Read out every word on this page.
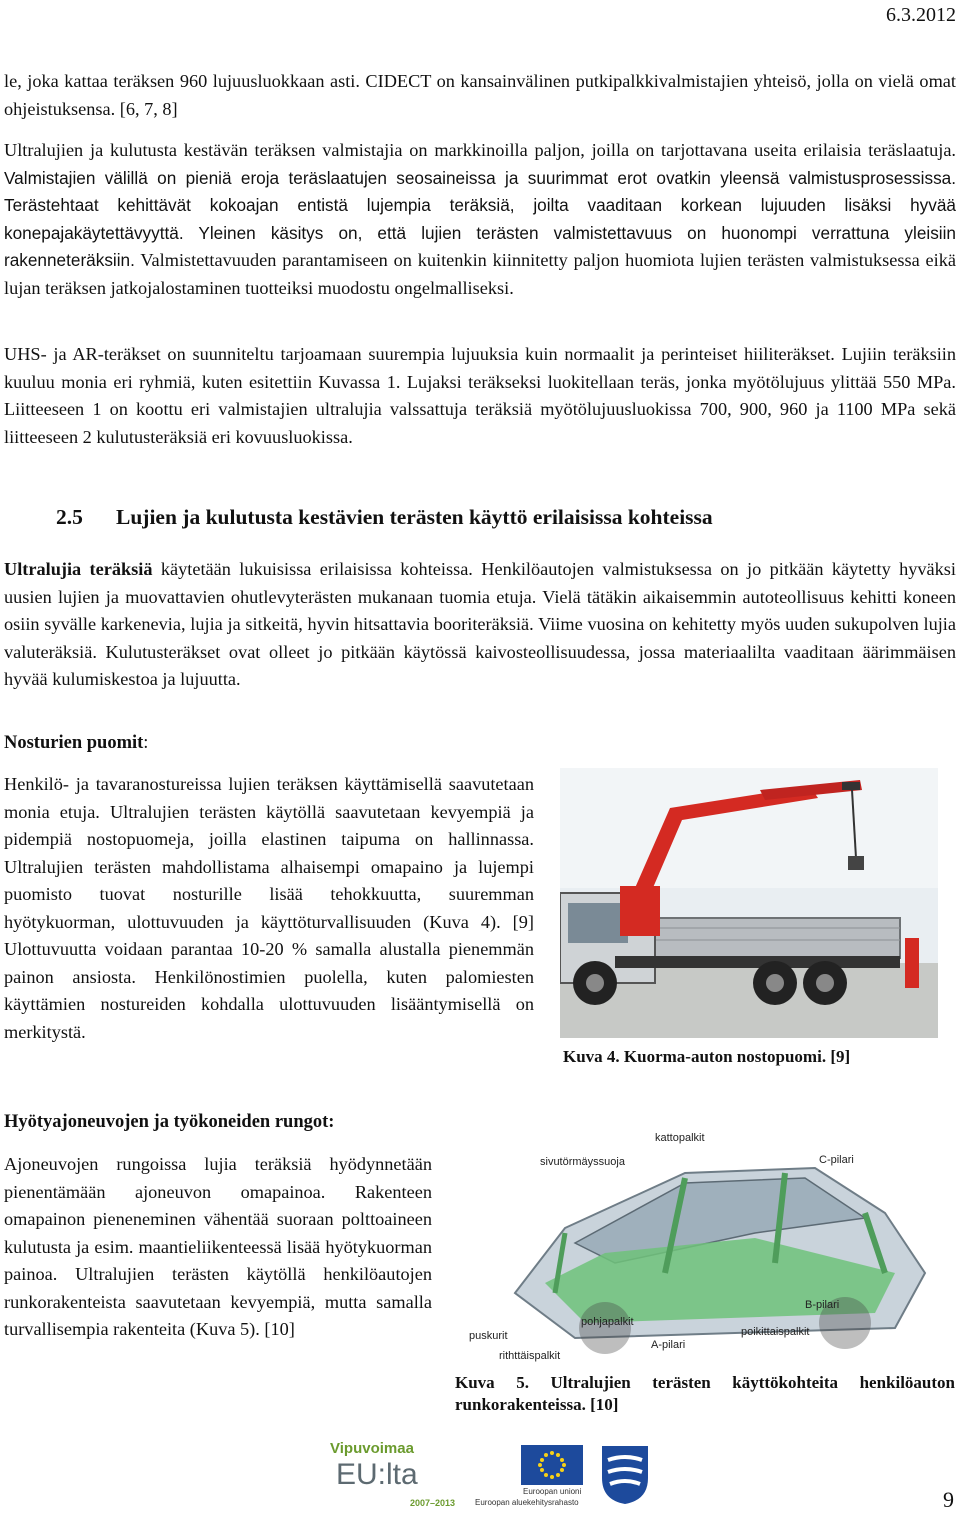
6.3.2012
le, joka kattaa teräksen 960 lujuusluokkaan asti. CIDECT on kansainvälinen putkipalkkivalmistajien yhteisö, jolla on vielä omat ohjeistuksensa. [6, 7, 8]
Ultralujien ja kulutusta kestävän teräksen valmistajia on markkinoilla paljon, joilla on tarjottavana useita erilaisia teräslaatuja. Valmistajien välillä on pieniä eroja teräslaatujen seosaineissa ja suurimmat erot ovatkin yleensä valmistusprosessissa. Terästehtaat kehittävät kokoajan entistä lujempia teräksiä, joilta vaaditaan korkean lujuuden lisäksi hyvää konepajakäytettävyyttä. Yleinen käsitys on, että lujien terästen valmistettavuus on huonompi verrattuna yleisiin rakenneteräksiin. Valmistettavuuden parantamiseen on kuitenkin kiinnitetty paljon huomiota lujien terästen valmistuksessa eikä lujan teräksen jatkojalostaminen tuotteiksi muodostu ongelmalliseksi.
UHS- ja AR-teräkset on suunniteltu tarjoamaan suurempia lujuuksia kuin normaalit ja perinteiset hiiliteräkset. Lujiin teräksiin kuuluu monia eri ryhmiä, kuten esitettiin Kuvassa 1. Lujaksi teräkseksi luokitellaan teräs, jonka myötölujuus ylittää 550 MPa. Liitteeseen 1 on koottu eri valmistajien ultralujia valssattuja teräksiä myötölujuusluokissa 700, 900, 960 ja 1100 MPa sekä liitteeseen 2 kulutusteräksiä eri kovuusluokissa.
2.5 Lujien ja kulutusta kestävien terästen käyttö erilaisissa kohteissa
Ultralujia teräksiä käytetään lukuisissa erilaisissa kohteissa. Henkilöautojen valmistuksessa on jo pitkään käytetty hyväksi uusien lujien ja muovattavien ohutlevyterästen mukanaan tuomia etuja. Vielä tätäkin aikaisemmin autoteollisuus kehitti koneen osiin syvälle karkenevia, lujia ja sitkeitä, hyvin hitsattavia booriteräksiä. Viime vuosina on kehitetty myös uuden sukupolven lujia valuteräksiä. Kulutusteräkset ovat olleet jo pitkään käytössä kaivosteollisuudessa, jossa materiaalilta vaaditaan äärimmäisen hyvää kulumiskestoa ja lujuutta.
Nosturien puomit:
Henkilö- ja tavaranostureissa lujien teräksen käyttämisellä saavutetaan monia etuja. Ultralujien terästen käytöllä saavutetaan kevyempiä ja pidempiä nostopuomeja, joilla elastinen taipuma on hallinnassa. Ultralujien terästen mahdollistama alhaisempi omapaino ja lujempi puomisto tuovat nosturille lisää tehokkuutta, suuremman hyötykuorman, ulottuvuuden ja käyttöturvallisuuden (Kuva 4). [9] Ulottuvuutta voidaan parantaa 10-20 % samalla alustalla pienemmän painon ansiosta. Henkilönostimien puolella, kuten palomiesten käyttämien nostureiden kohdalla ulottuvuuden lisääntymisellä on merkitystä.
Kuva 4. Kuorma-auton nostopuomi. [9]
Hyötyajoneuvojen ja työkoneiden rungot:
Ajoneuvojen rungoissa lujia teräksiä hyödynnetään pienentämään ajoneuvon omapainoa. Rakenteen omapainon pieneneminen vähentää suoraan polttoaineen kulutusta ja esim. maantieliikenteessä lisää hyötykuorman painoa. Ultralujien terästen käytöllä henkilöautojen runkorakenteista saavutetaan kevyempiä, mutta samalla turvallisempia rakenteita (Kuva 5). [10]
kattopalkit
sivutörmäyssuoja	C-pilari
puskurit
A-pilari
pohjapalkit
B-pilari
poikittaispalkit
rithttäispalkit
Kuva 5. Ultralujien terästen käyttökohteita henkilöauton runkorakenteissa. [10]
Vipuvoimaa
EU:lta
2007–2013
Euroopan unioni
Euroopan aluekehitysrahasto	9
